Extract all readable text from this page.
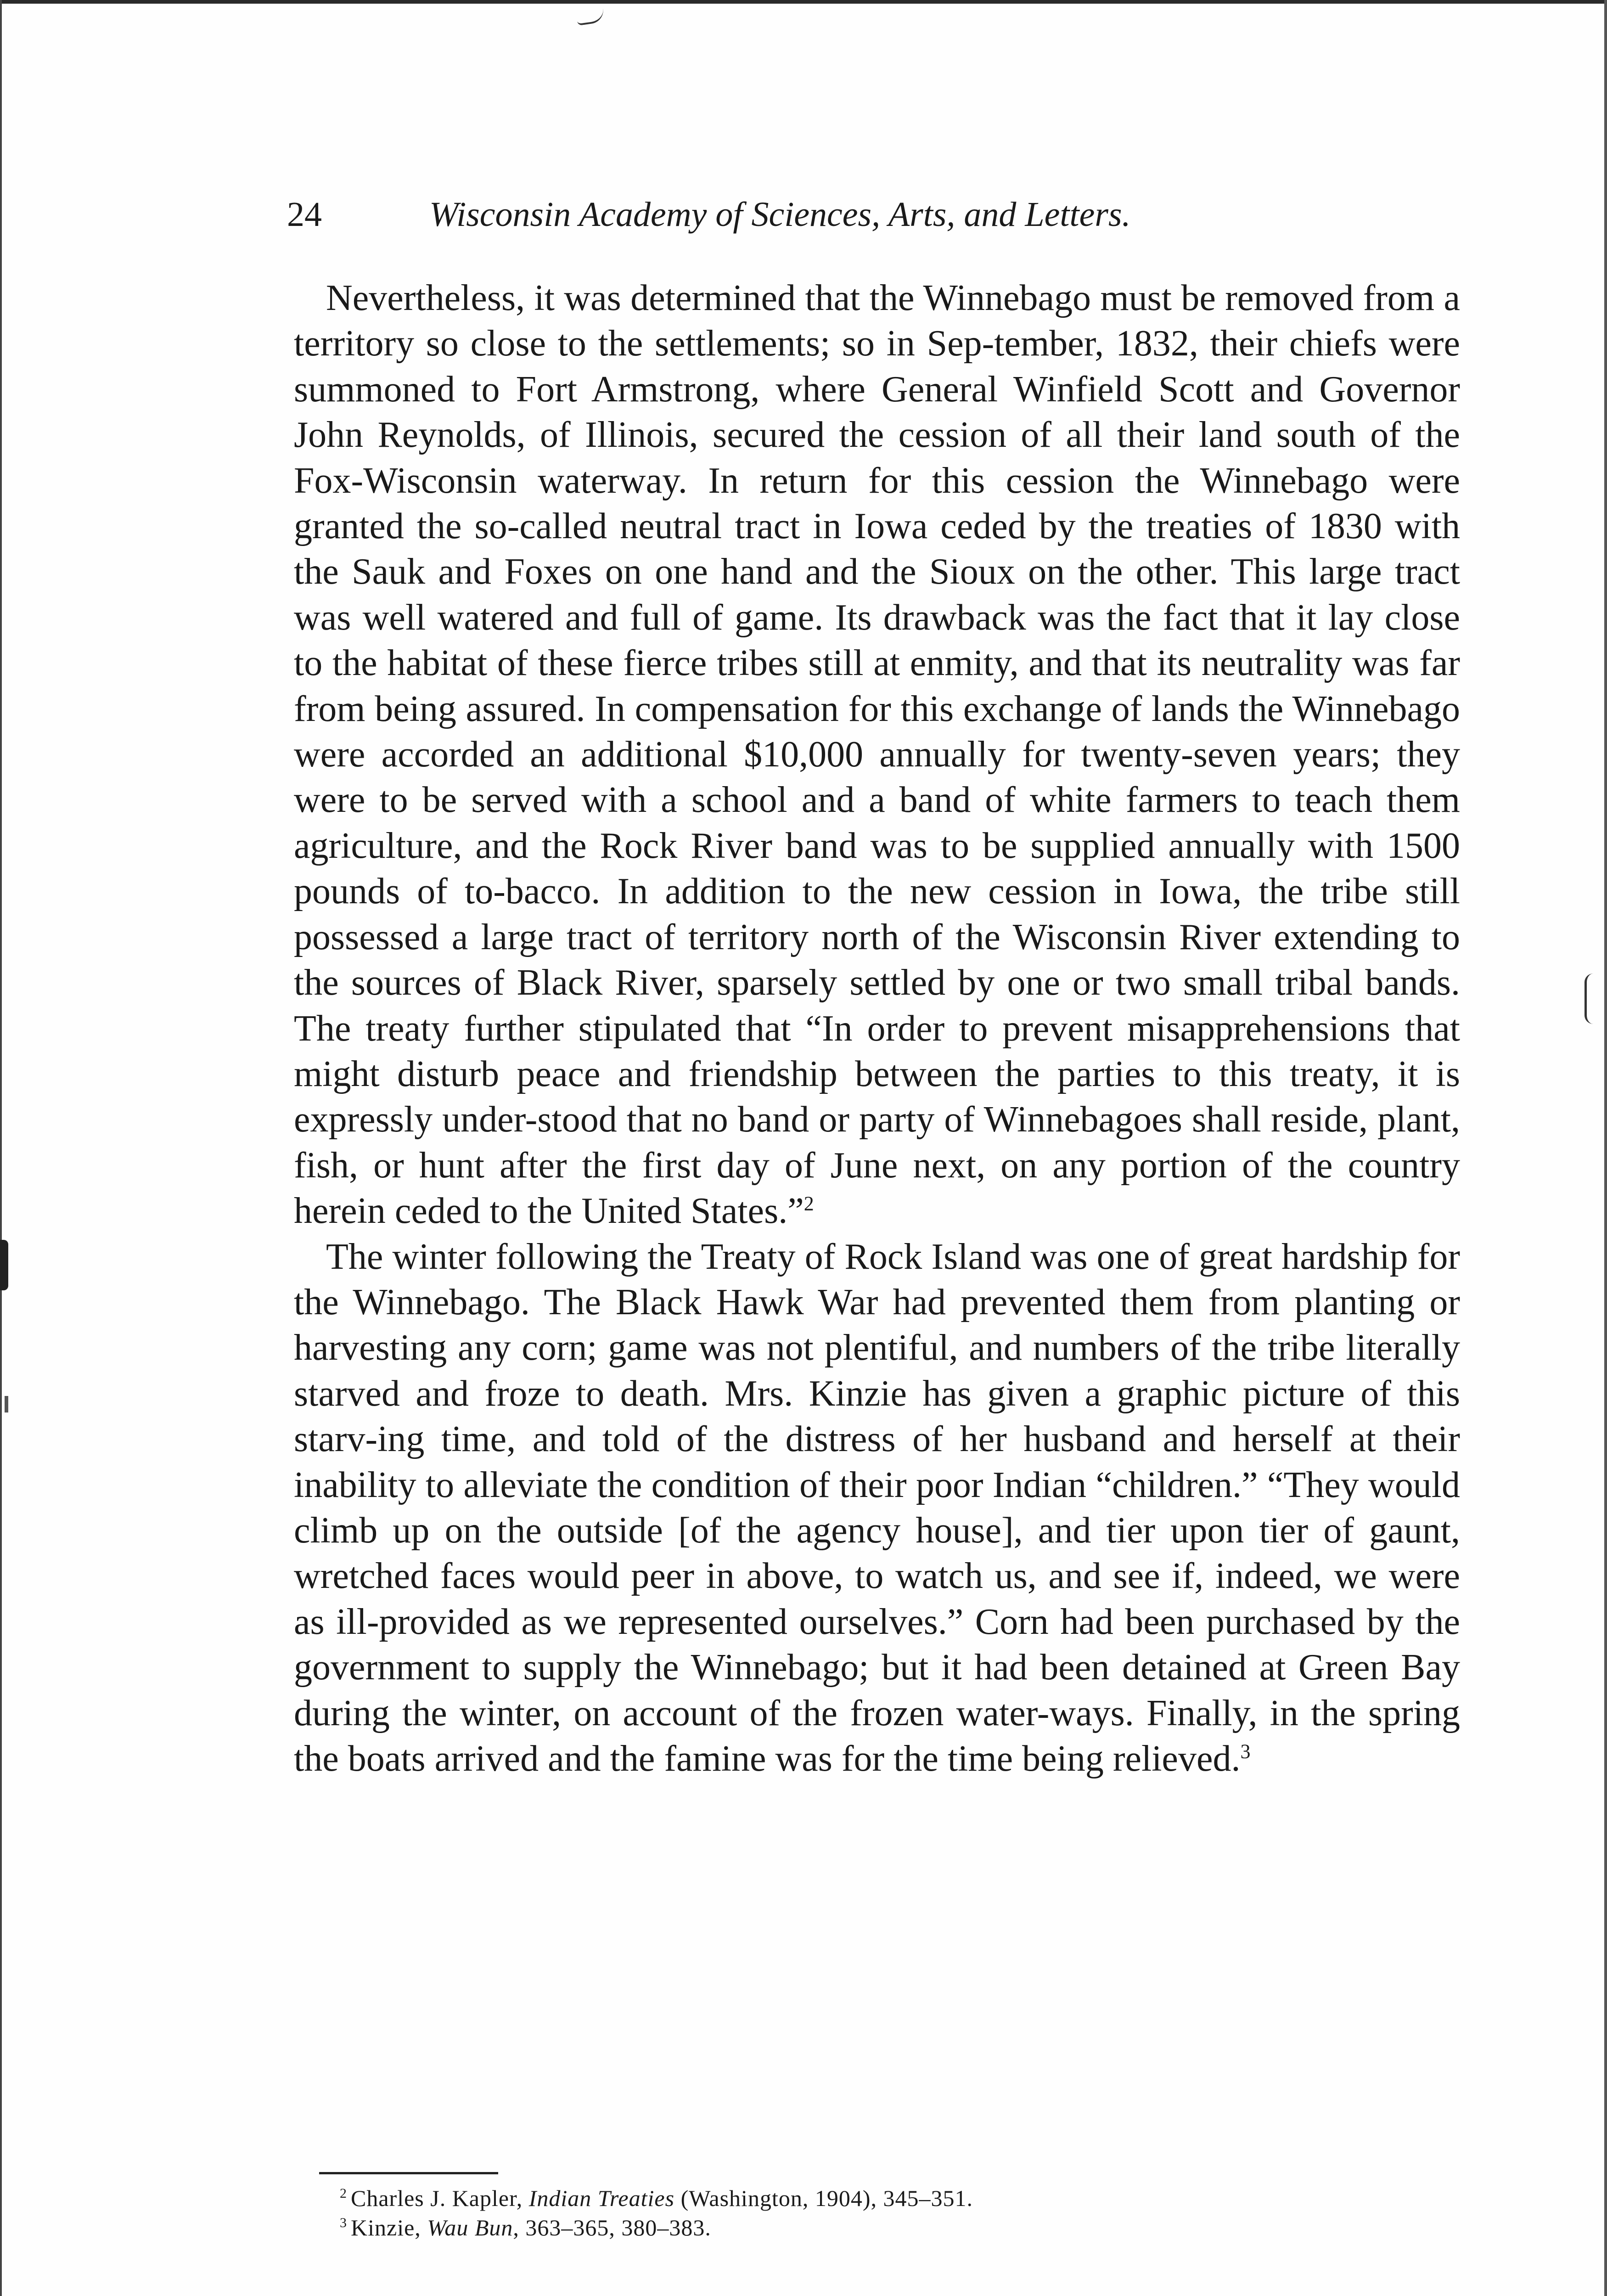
24	Wisconsin Academy of Sciences, Arts, and Letters.

Nevertheless, it was determined that the Winnebago must be removed from a territory so close to the settlements; so in Sep-tember, 1832, their chiefs were summoned to Fort Armstrong, where General Winfield Scott and Governor John Reynolds, of Illinois, secured the cession of all their land south of the Fox-Wisconsin waterway. In return for this cession the Winnebago were granted the so-called neutral tract in Iowa ceded by the treaties of 1830 with the Sauk and Foxes on one hand and the Sioux on the other. This large tract was well watered and full of game. Its drawback was the fact that it lay close to the habitat of these fierce tribes still at enmity, and that its neutrality was far from being assured. In compensation for this exchange of lands the Winnebago were accorded an additional $10,000 annually for twenty-seven years; they were to be served with a school and a band of white farmers to teach them agriculture, and the Rock River band was to be supplied annually with 1500 pounds of to-bacco. In addition to the new cession in Iowa, the tribe still possessed a large tract of territory north of the Wisconsin River extending to the sources of Black River, sparsely settled by one or two small tribal bands. The treaty further stipulated that “In order to prevent misapprehensions that might disturb peace and friendship between the parties to this treaty, it is expressly under-stood that no band or party of Winnebagoes shall reside, plant, fish, or hunt after the first day of June next, on any portion of the country herein ceded to the United States.”$^2$

The winter following the Treaty of Rock Island was one of great hardship for the Winnebago. The Black Hawk War had prevented them from planting or harvesting any corn; game was not plentiful, and numbers of the tribe literally starved and froze to death. Mrs. Kinzie has given a graphic picture of this starv-ing time, and told of the distress of her husband and herself at their inability to alleviate the condition of their poor Indian “children.” “They would climb up on the outside [of the agency house], and tier upon tier of gaunt, wretched faces would peer in above, to watch us, and see if, indeed, we were as ill-provided as we represented ourselves.” Corn had been purchased by the government to supply the Winnebago; but it had been detained at Green Bay during the winter, on account of the frozen water-ways. Finally, in the spring the boats arrived and the famine was for the time being relieved.$^3$

$^2$ Charles J. Kapler, Indian Treaties (Washington, 1904), 345–351.
$^3$ Kinzie, Wau Bun, 363–365, 380–383.
